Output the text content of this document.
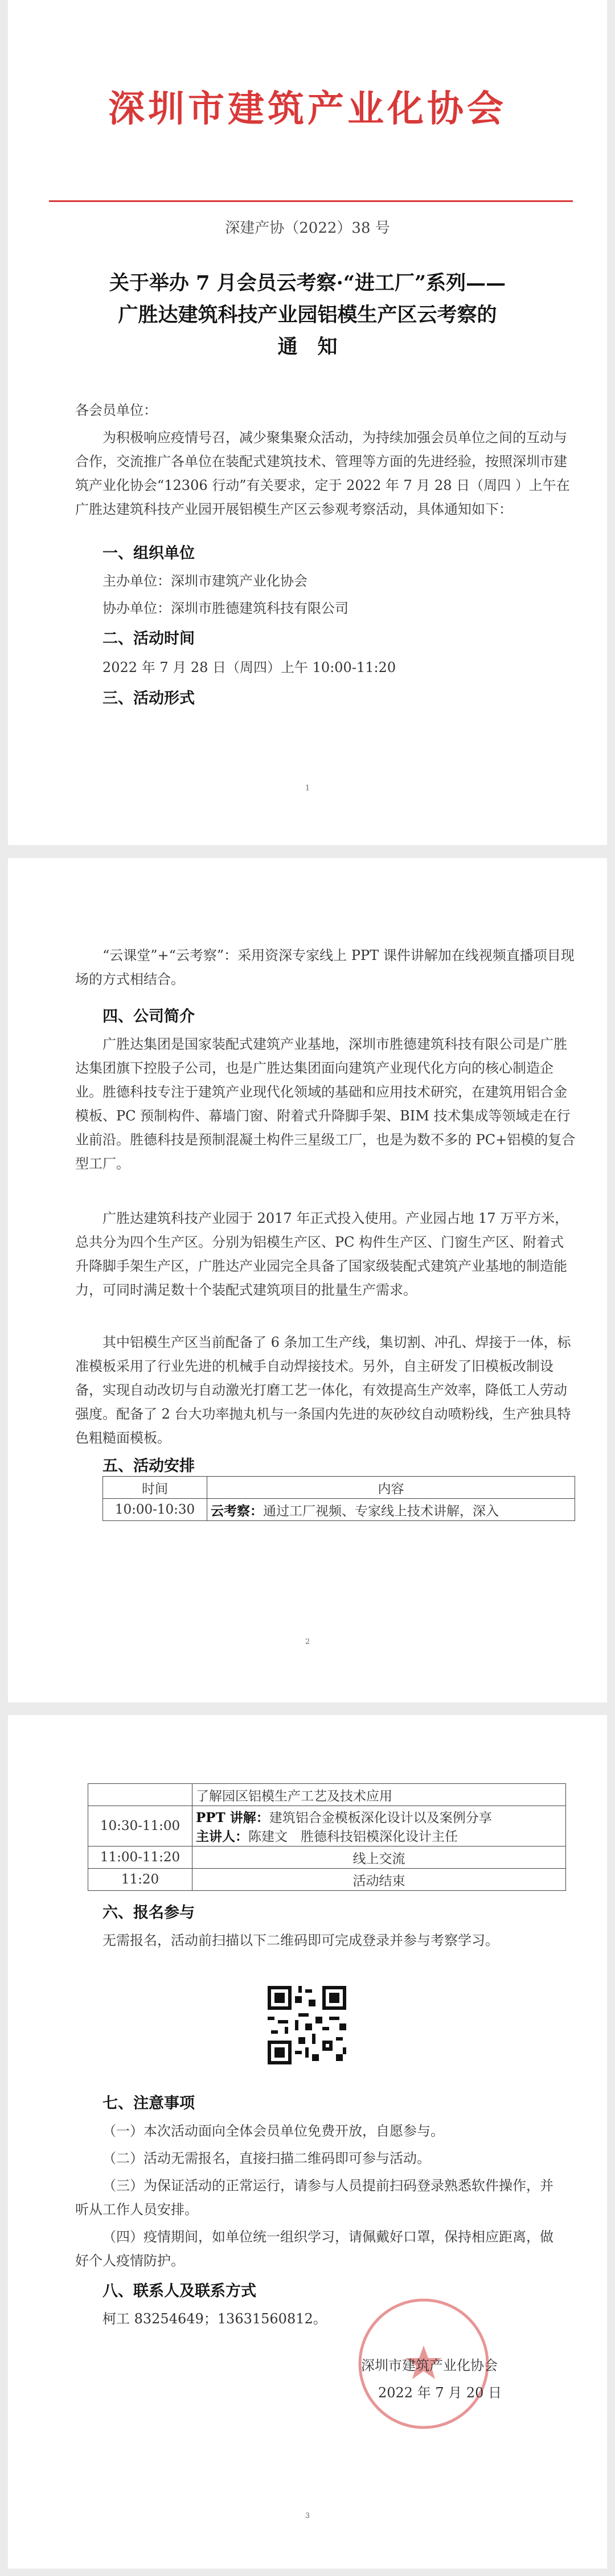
深圳市建筑产业化协会
深建产协（2022）38 号
关于举办 7 月会员云考察·“进工厂”系列——
广胜达建筑科技产业园铝模生产区云考察的
通　知
各会员单位：
为积极响应疫情号召，减少聚集聚众活动，为持续加强会员单位之间的互动与合作，交流推广各单位在装配式建筑技术、管理等方面的先进经验，按照深圳市建筑产业化协会“12306 行动”有关要求，定于 2022 年 7 月 28 日（周四 ）上午在广胜达建筑科技产业园开展铝模生产区云参观考察活动，具体通知如下：
一、组织单位
主办单位：深圳市建筑产业化协会
协办单位：深圳市胜德建筑科技有限公司
二、活动时间
2022 年 7 月 28 日（周四）上午 10:00-11:20
三、活动形式
1
“云课堂”+“云考察”：采用资深专家线上 PPT 课件讲解加在线视频直播项目现场的方式相结合。
四、公司简介
广胜达集团是国家装配式建筑产业基地，深圳市胜德建筑科技有限公司是广胜达集团旗下控股子公司，也是广胜达集团面向建筑产业现代化方向的核心制造企业。胜德科技专注于建筑产业现代化领域的基础和应用技术研究，在建筑用铝合金模板、PC 预制构件、幕墙门窗、附着式升降脚手架、BIM 技术集成等领域走在行业前沿。胜德科技是预制混凝土构件三星级工厂，也是为数不多的 PC+铝模的复合型工厂。
广胜达建筑科技产业园于 2017 年正式投入使用。产业园占地 17 万平方米，总共分为四个生产区。分别为铝模生产区、PC 构件生产区、门窗生产区、附着式升降脚手架生产区，广胜达产业园完全具备了国家级装配式建筑产业基地的制造能力，可同时满足数十个装配式建筑项目的批量生产需求。
其中铝模生产区当前配备了 6 条加工生产线，集切割、冲孔、焊接于一体，标准模板采用了行业先进的机械手自动焊接技术。另外，自主研发了旧模板改制设备，实现自动改切与自动激光打磨工艺一体化，有效提高生产效率，降低工人劳动强度。配备了 2 台大功率抛丸机与一条国内先进的灰砂纹自动喷粉线，生产独具特色粗糙面模板。
五、活动安排
时间	内容
10:00-10:30	云考察：通过工厂视频、专家线上技术讲解，深入
2
	了解园区铝模生产工艺及技术应用
10:30-11:00	PPT 讲解：建筑铝合金模板深化设计以及案例分享
主讲人：陈建文　胜德科技铝模深化设计主任

11:00-11:20	线上交流
11:20	活动结束
六、报名参与
无需报名，活动前扫描以下二维码即可完成登录并参与考察学习。
七、注意事项
（一）本次活动面向全体会员单位免费开放，自愿参与。
（二）活动无需报名，直接扫描二维码即可参与活动。
（三）为保证活动的正常运行，请参与人员提前扫码登录熟悉软件操作，并听从工作人员安排。
（四）疫情期间，如单位统一组织学习，请佩戴好口罩，保持相应距离，做好个人疫情防护。
八、联系人及联系方式
柯工 83254649；13631560812。
深圳市建筑产业化协会
2022 年 7 月 20 日
3
